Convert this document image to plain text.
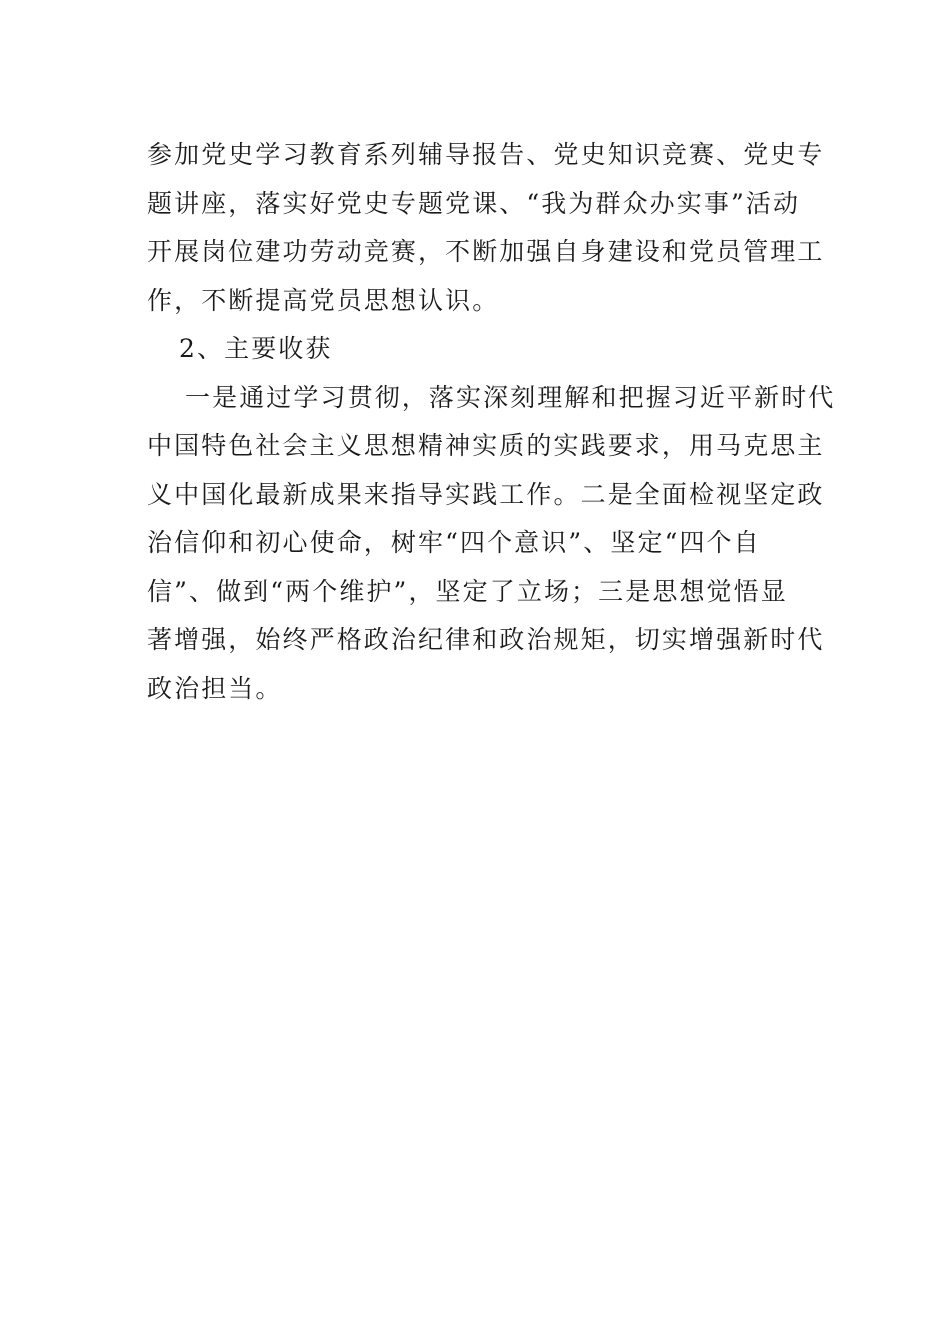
参加党史学习教育系列辅导报告、党史知识竞赛、党史专
题讲座，落实好党史专题党课、“我为群众办实事”活动
开展岗位建功劳动竞赛，不断加强自身建设和党员管理工
作，不断提高党员思想认识。
2、主要收获
一是通过学习贯彻，落实深刻理解和把握习近平新时代
中国特色社会主义思想精神实质的实践要求，用马克思主
义中国化最新成果来指导实践工作。二是全面检视坚定政
治信仰和初心使命，树牢“四个意识”、坚定“四个自
信”、做到“两个维护”，坚定了立场；三是思想觉悟显
著增强，始终严格政治纪律和政治规矩，切实增强新时代
政治担当。
